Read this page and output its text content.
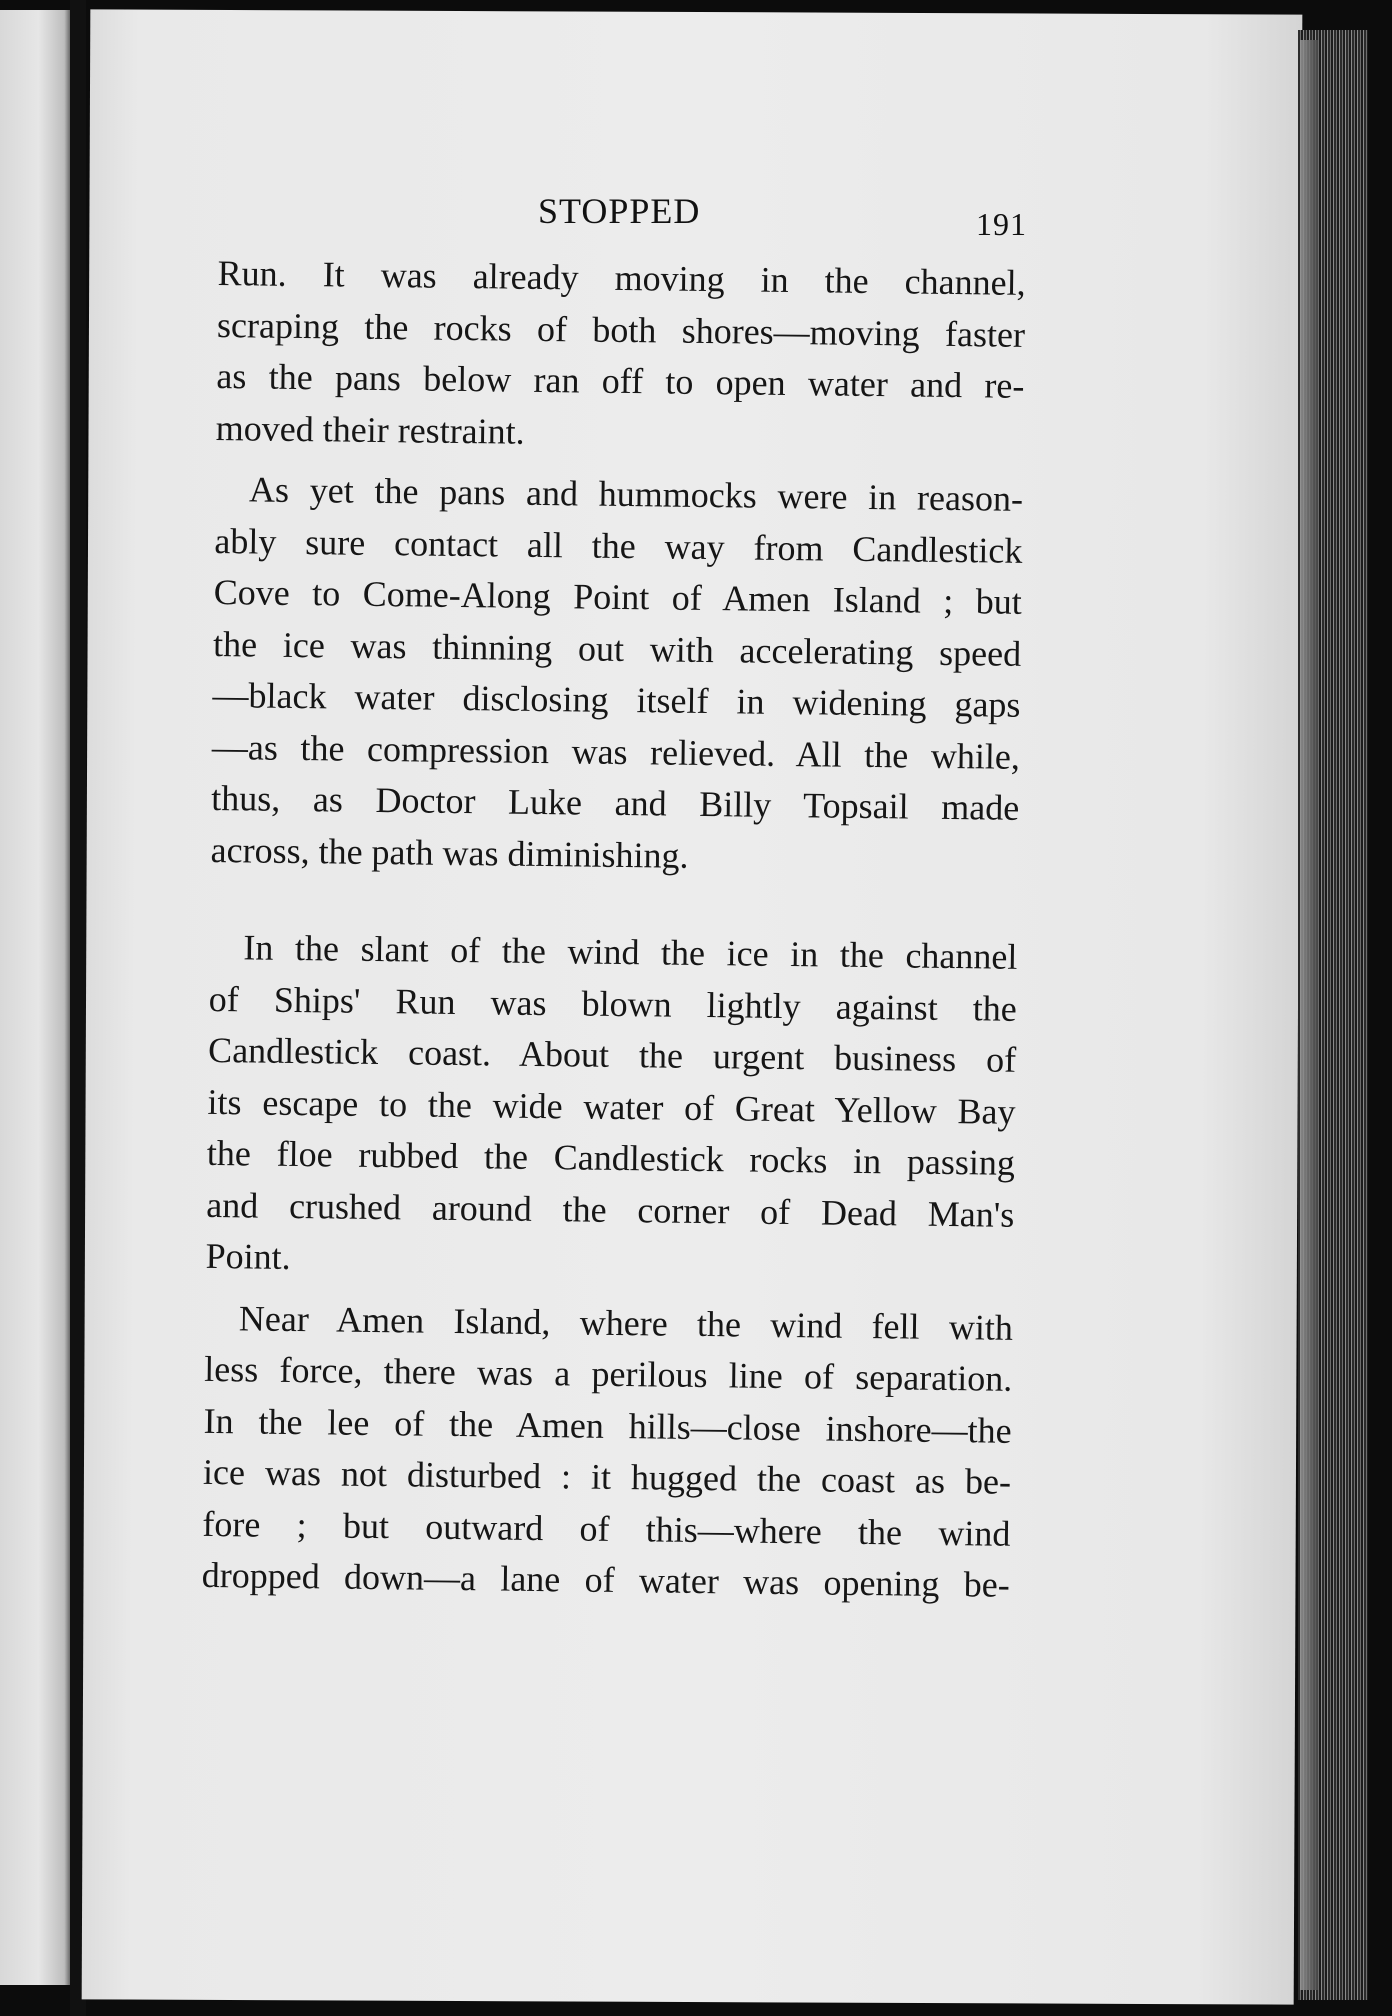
STOPPED	191
Run. It was already moving in the channel,
scraping the rocks of both shores—moving faster
as the pans below ran off to open water and re-
moved their restraint.
As yet the pans and hummocks were in reason-
ably sure contact all the way from Candlestick
Cove to Come-Along Point of Amen Island ; but
the ice was thinning out with accelerating speed
—black water disclosing itself in widening gaps
—as the compression was relieved. All the while,
thus, as Doctor Luke and Billy Topsail made
across, the path was diminishing.
In the slant of the wind the ice in the channel
of Ships' Run was blown lightly against the
Candlestick coast. About the urgent business of
its escape to the wide water of Great Yellow Bay
the floe rubbed the Candlestick rocks in passing
and crushed around the corner of Dead Man's
Point.
Near Amen Island, where the wind fell with
less force, there was a perilous line of separation.
In the lee of the Amen hills—close inshore—the
ice was not disturbed : it hugged the coast as be-
fore ; but outward of this—where the wind
dropped down—a lane of water was opening be-
